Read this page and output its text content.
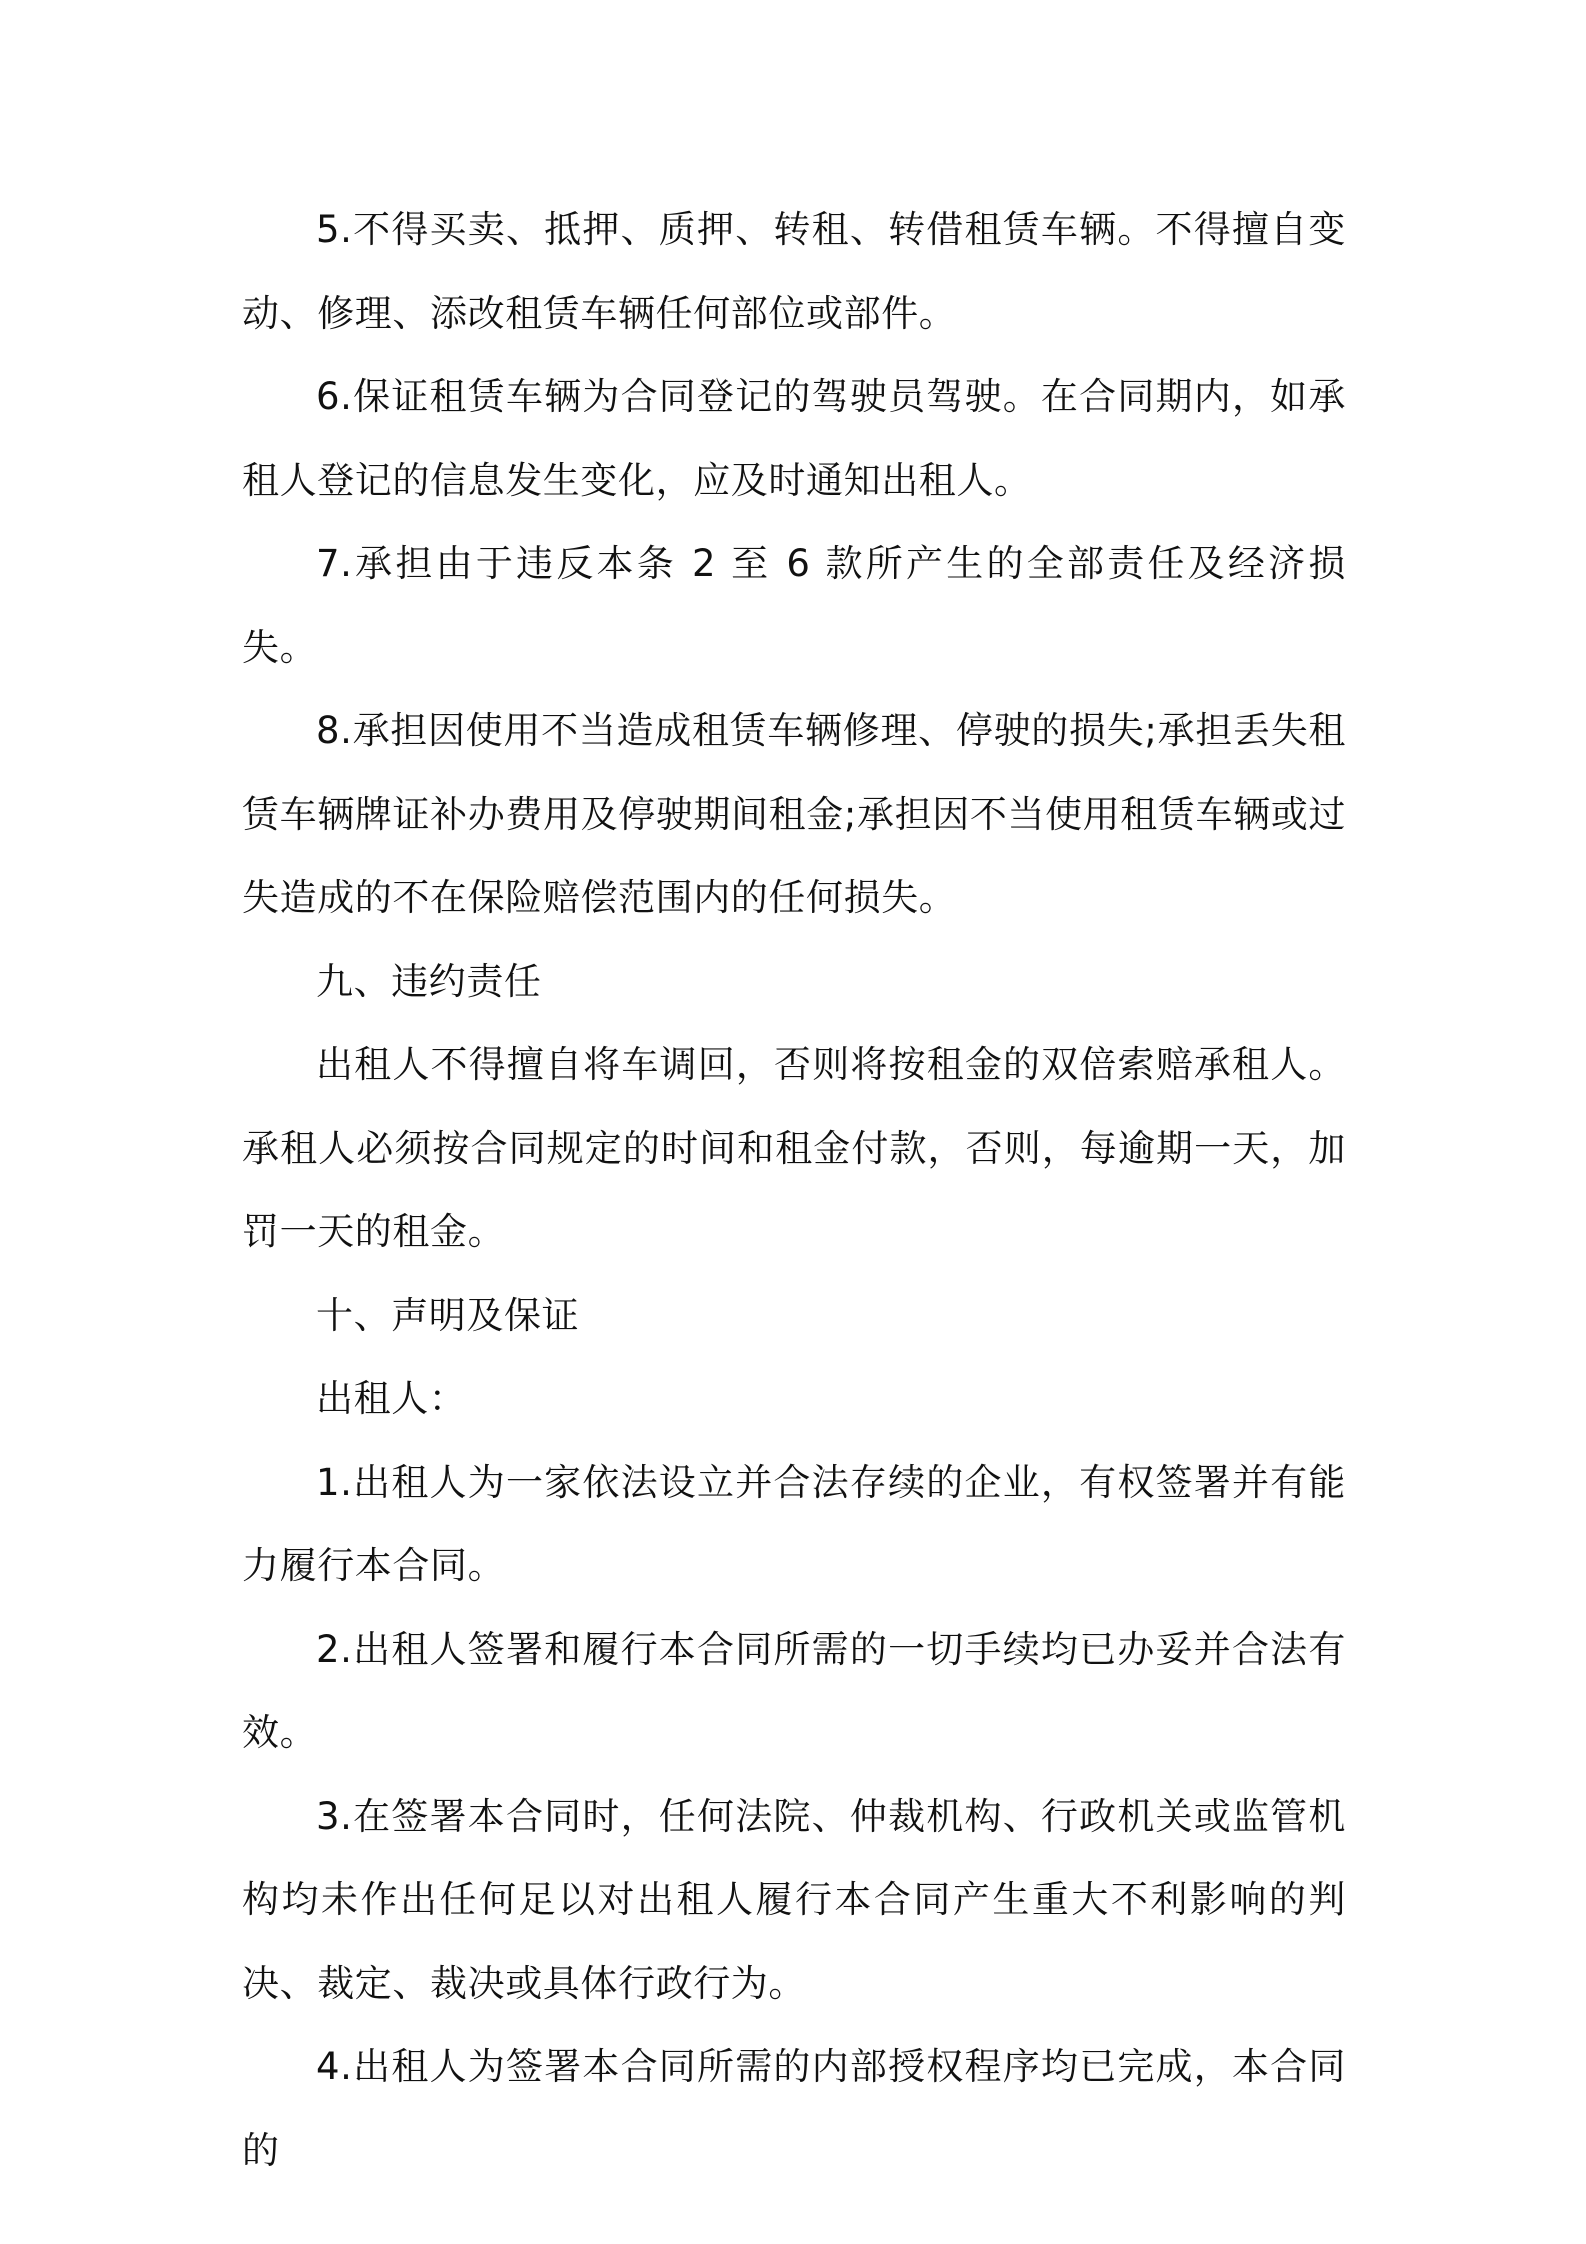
5.不得买卖、抵押、质押、转租、转借租赁车辆。不得擅自变动、修理、添改租赁车辆任何部位或部件。

6.保证租赁车辆为合同登记的驾驶员驾驶。在合同期内，如承租人登记的信息发生变化，应及时通知出租人。

7.承担由于违反本条 2 至 6 款所产生的全部责任及经济损失。

8.承担因使用不当造成租赁车辆修理、停驶的损失;承担丢失租赁车辆牌证补办费用及停驶期间租金;承担因不当使用租赁车辆或过失造成的不在保险赔偿范围内的任何损失。

九、违约责任

出租人不得擅自将车调回，否则将按租金的双倍索赔承租人。承租人必须按合同规定的时间和租金付款，否则，每逾期一天，加罚一天的租金。

十、声明及保证

出租人：

1.出租人为一家依法设立并合法存续的企业，有权签署并有能力履行本合同。

2.出租人签署和履行本合同所需的一切手续均已办妥并合法有效。

3.在签署本合同时，任何法院、仲裁机构、行政机关或监管机构均未作出任何足以对出租人履行本合同产生重大不利影响的判决、裁定、裁决或具体行政行为。

4.出租人为签署本合同所需的内部授权程序均已完成，本合同的
